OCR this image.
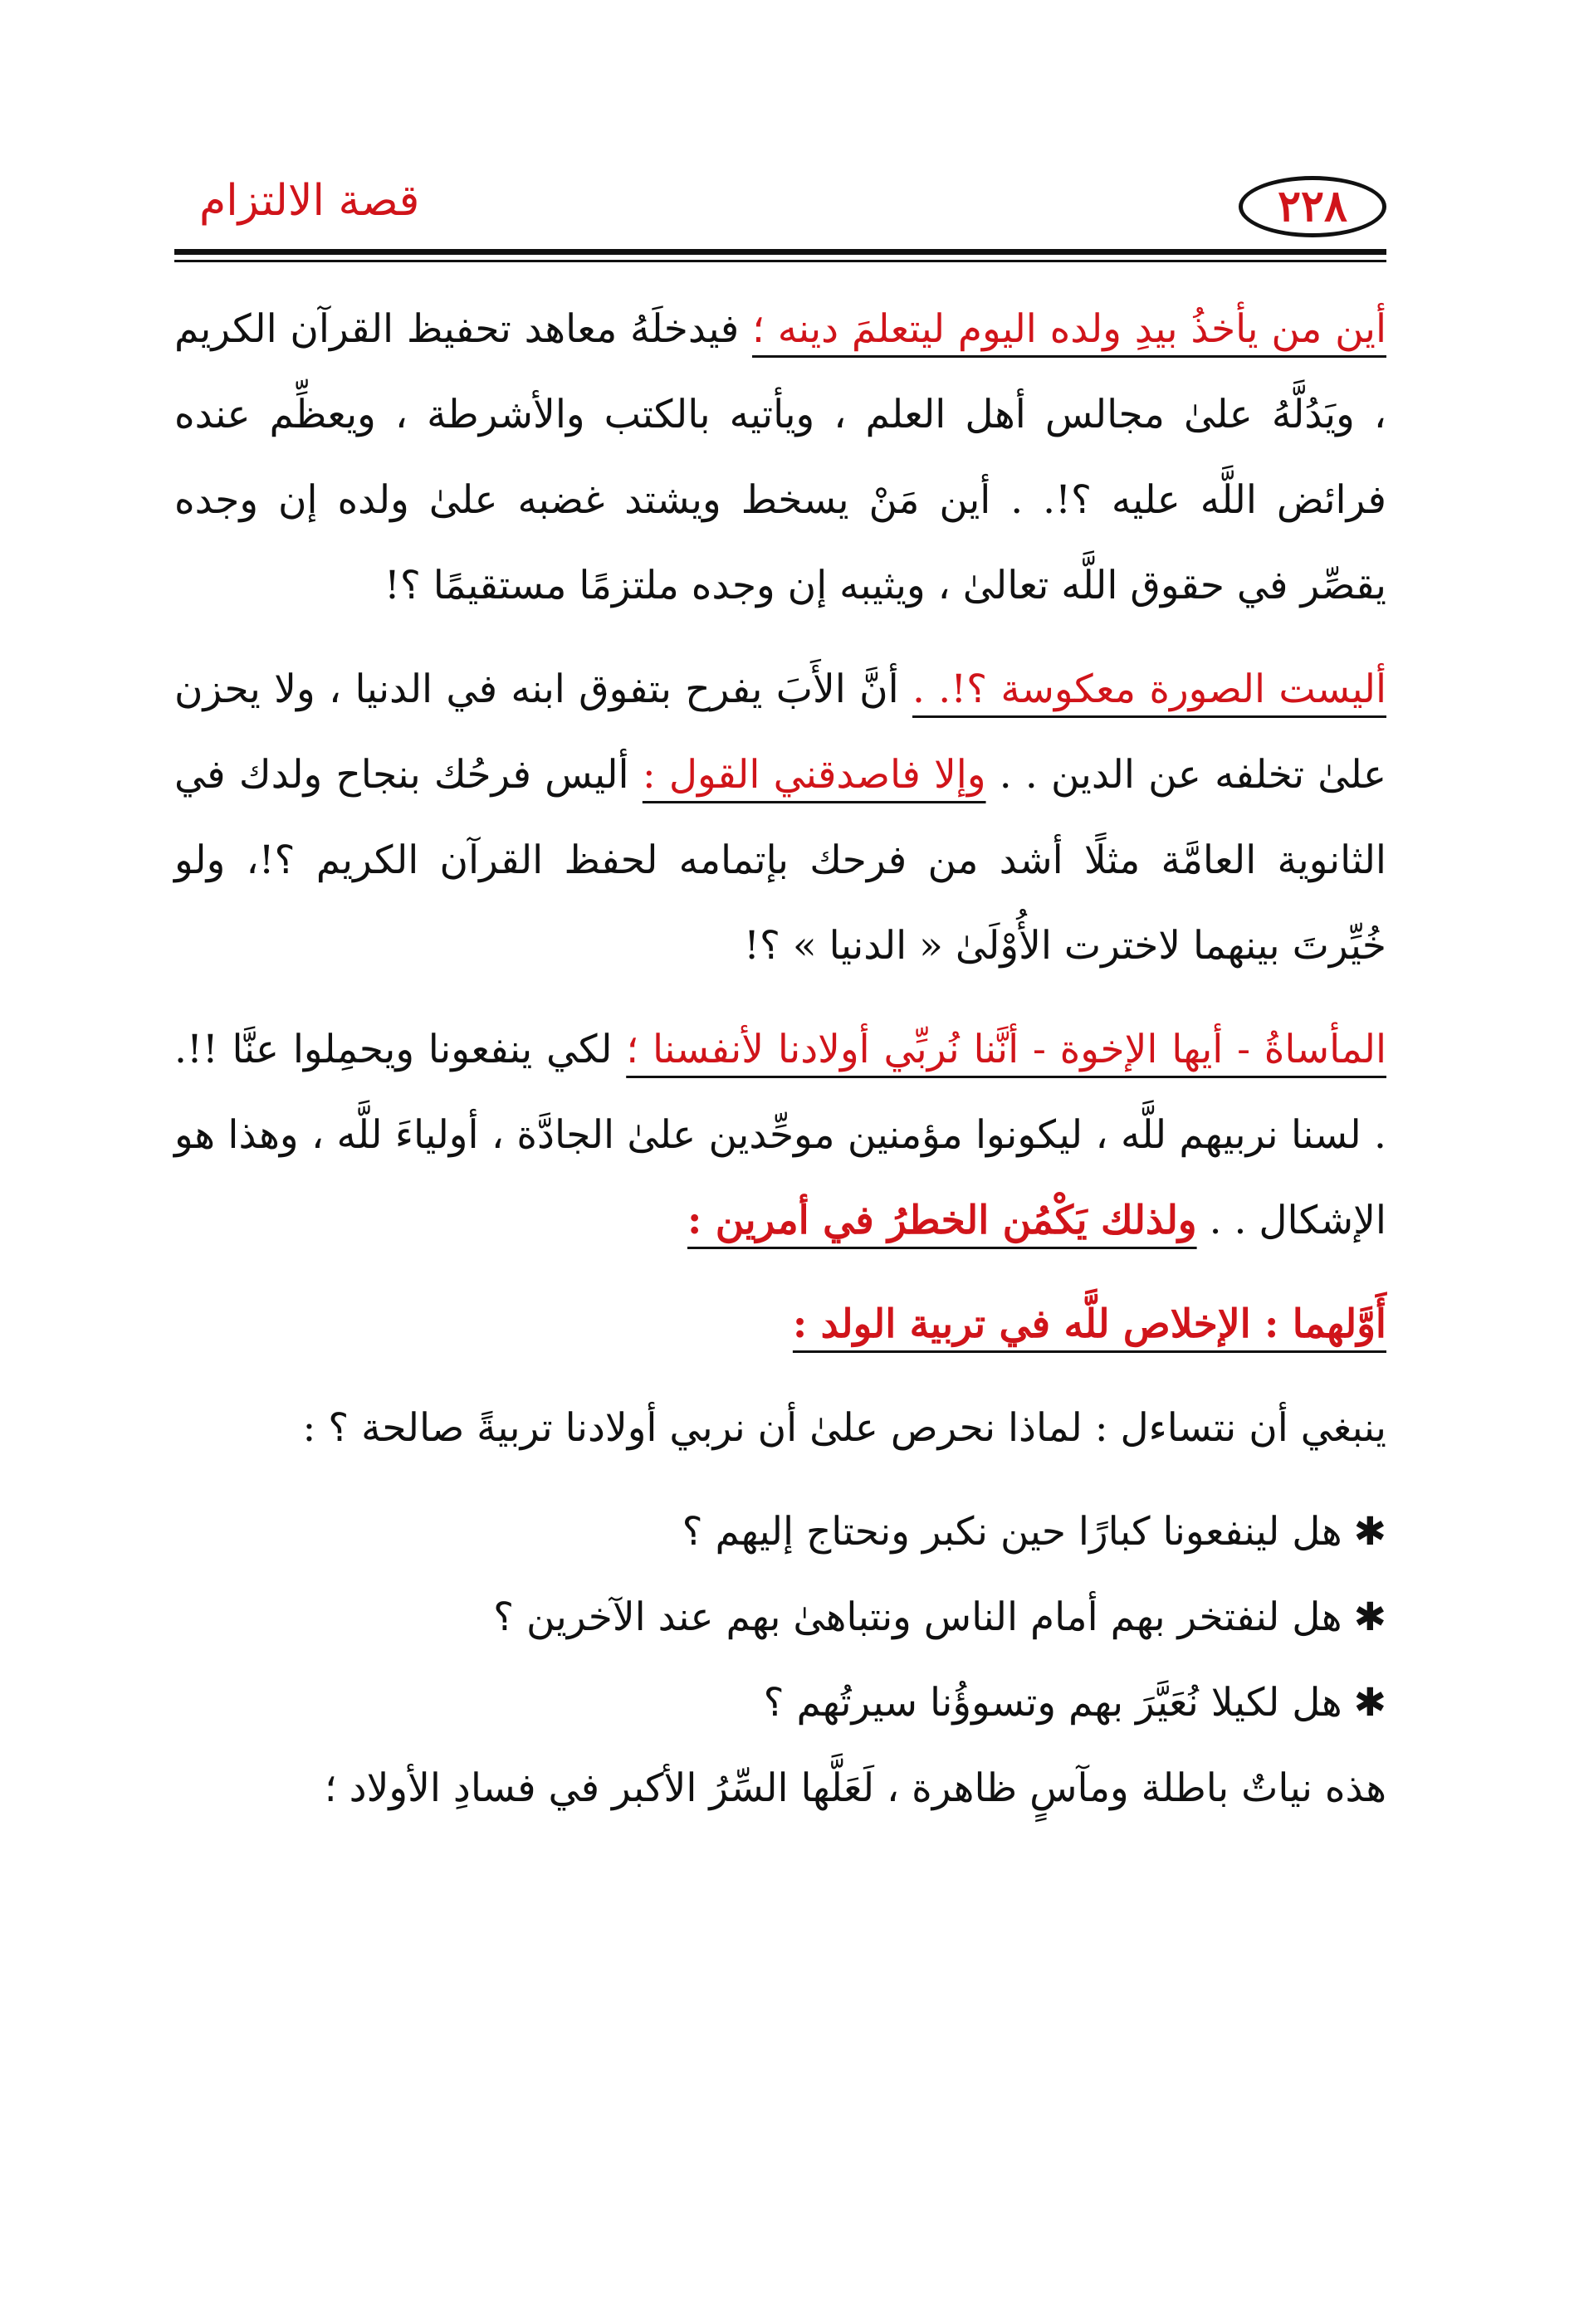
٢٢٨
قصة الالتزام

أين من يأخذُ بيدِ ولده اليوم ليتعلمَ دينه ؛ فيدخلَهُ معاهد تحفيظ القرآن الكريم ، ويَدُلَّهُ علىٰ مجالس أهل العلم ، ويأتيه بالكتب والأشرطة ، ويعظِّم عنده فرائض اللَّه عليه ؟!. . أين مَنْ يسخط ويشتد غضبه علىٰ ولده إن وجده يقصِّر في حقوق اللَّه تعالىٰ ، ويثيبه إن وجده ملتزمًا مستقيمًا ؟!

أليست الصورة معكوسة ؟!. . أنَّ الأَبَ يفرح بتفوق ابنه في الدنيا ، ولا يحزن علىٰ تخلفه عن الدين . . وإلا فاصدقني القول : أليس فرحُك بنجاح ولدك في الثانوية العامَّة مثلًا أشد من فرحك بإتمامه لحفظ القرآن الكريم ؟!، ولو خُيِّرتَ بينهما لاخترت الأُوْلَىٰ « الدنيا » ؟!

المأساةُ - أيها الإخوة - أنَّنا نُربِّي أولادنا لأنفسنا ؛ لكي ينفعونا ويحمِلوا عنَّا !!. . لسنا نربيهم للَّه ، ليكونوا مؤمنين موحِّدين علىٰ الجادَّة ، أولياءَ للَّه ، وهذا هو الإشكال . . ولذلك يَكْمُن الخطرُ في أمرين :

أَوَّلهما : الإخلاص للَّه في تربية الولد :

ينبغي أن نتساءل : لماذا نحرص علىٰ أن نربي أولادنا تربيةً صالحة ؟ :

✱هل لينفعونا كبارًا حين نكبر ونحتاج إليهم ؟

✱هل لنفتخر بهم أمام الناس ونتباهىٰ بهم عند الآخرين ؟

✱هل لكيلا نُعَيَّرَ بهم وتسوؤُنا سيرتُهم ؟

هذه نياتٌ باطلة ومآسٍ ظاهرة ، لَعَلَّها السِّرُ الأكبر في فسادِ الأولاد ؛
